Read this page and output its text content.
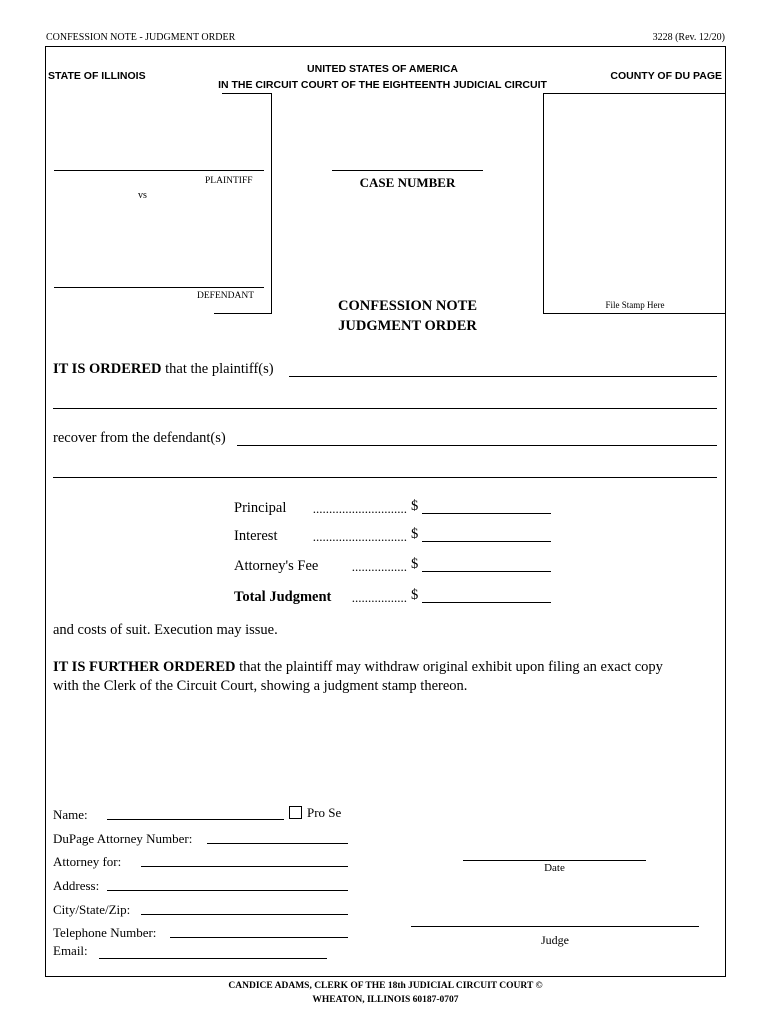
CONFESSION NOTE - JUDGMENT ORDER	3228 (Rev. 12/20)
STATE OF ILLINOIS
UNITED STATES OF AMERICA
IN THE CIRCUIT COURT OF THE EIGHTEENTH JUDICIAL CIRCUIT
COUNTY OF DU PAGE
PLAINTIFF
vs
DEFENDANT
CASE NUMBER
File Stamp Here
CONFESSION NOTE
JUDGMENT ORDER
IT IS ORDERED that the plaintiff(s)
recover from the defendant(s)
Principal ............................. $
Interest	............................. $
Attorney's Fee	................. $
Total Judgment ................. $
and costs of suit. Execution may issue.
IT IS FURTHER ORDERED that the plaintiff may withdraw original exhibit upon filing an exact copy
with the Clerk of the Circuit Court, showing a judgment stamp thereon.
Name:	Pro Se
DuPage Attorney Number:
Attorney for:
Address:
City/State/Zip:
Telephone Number:
Email:
Date
Judge
CANDICE ADAMS, CLERK OF THE 18th JUDICIAL CIRCUIT COURT ©
WHEATON, ILLINOIS 60187-0707
